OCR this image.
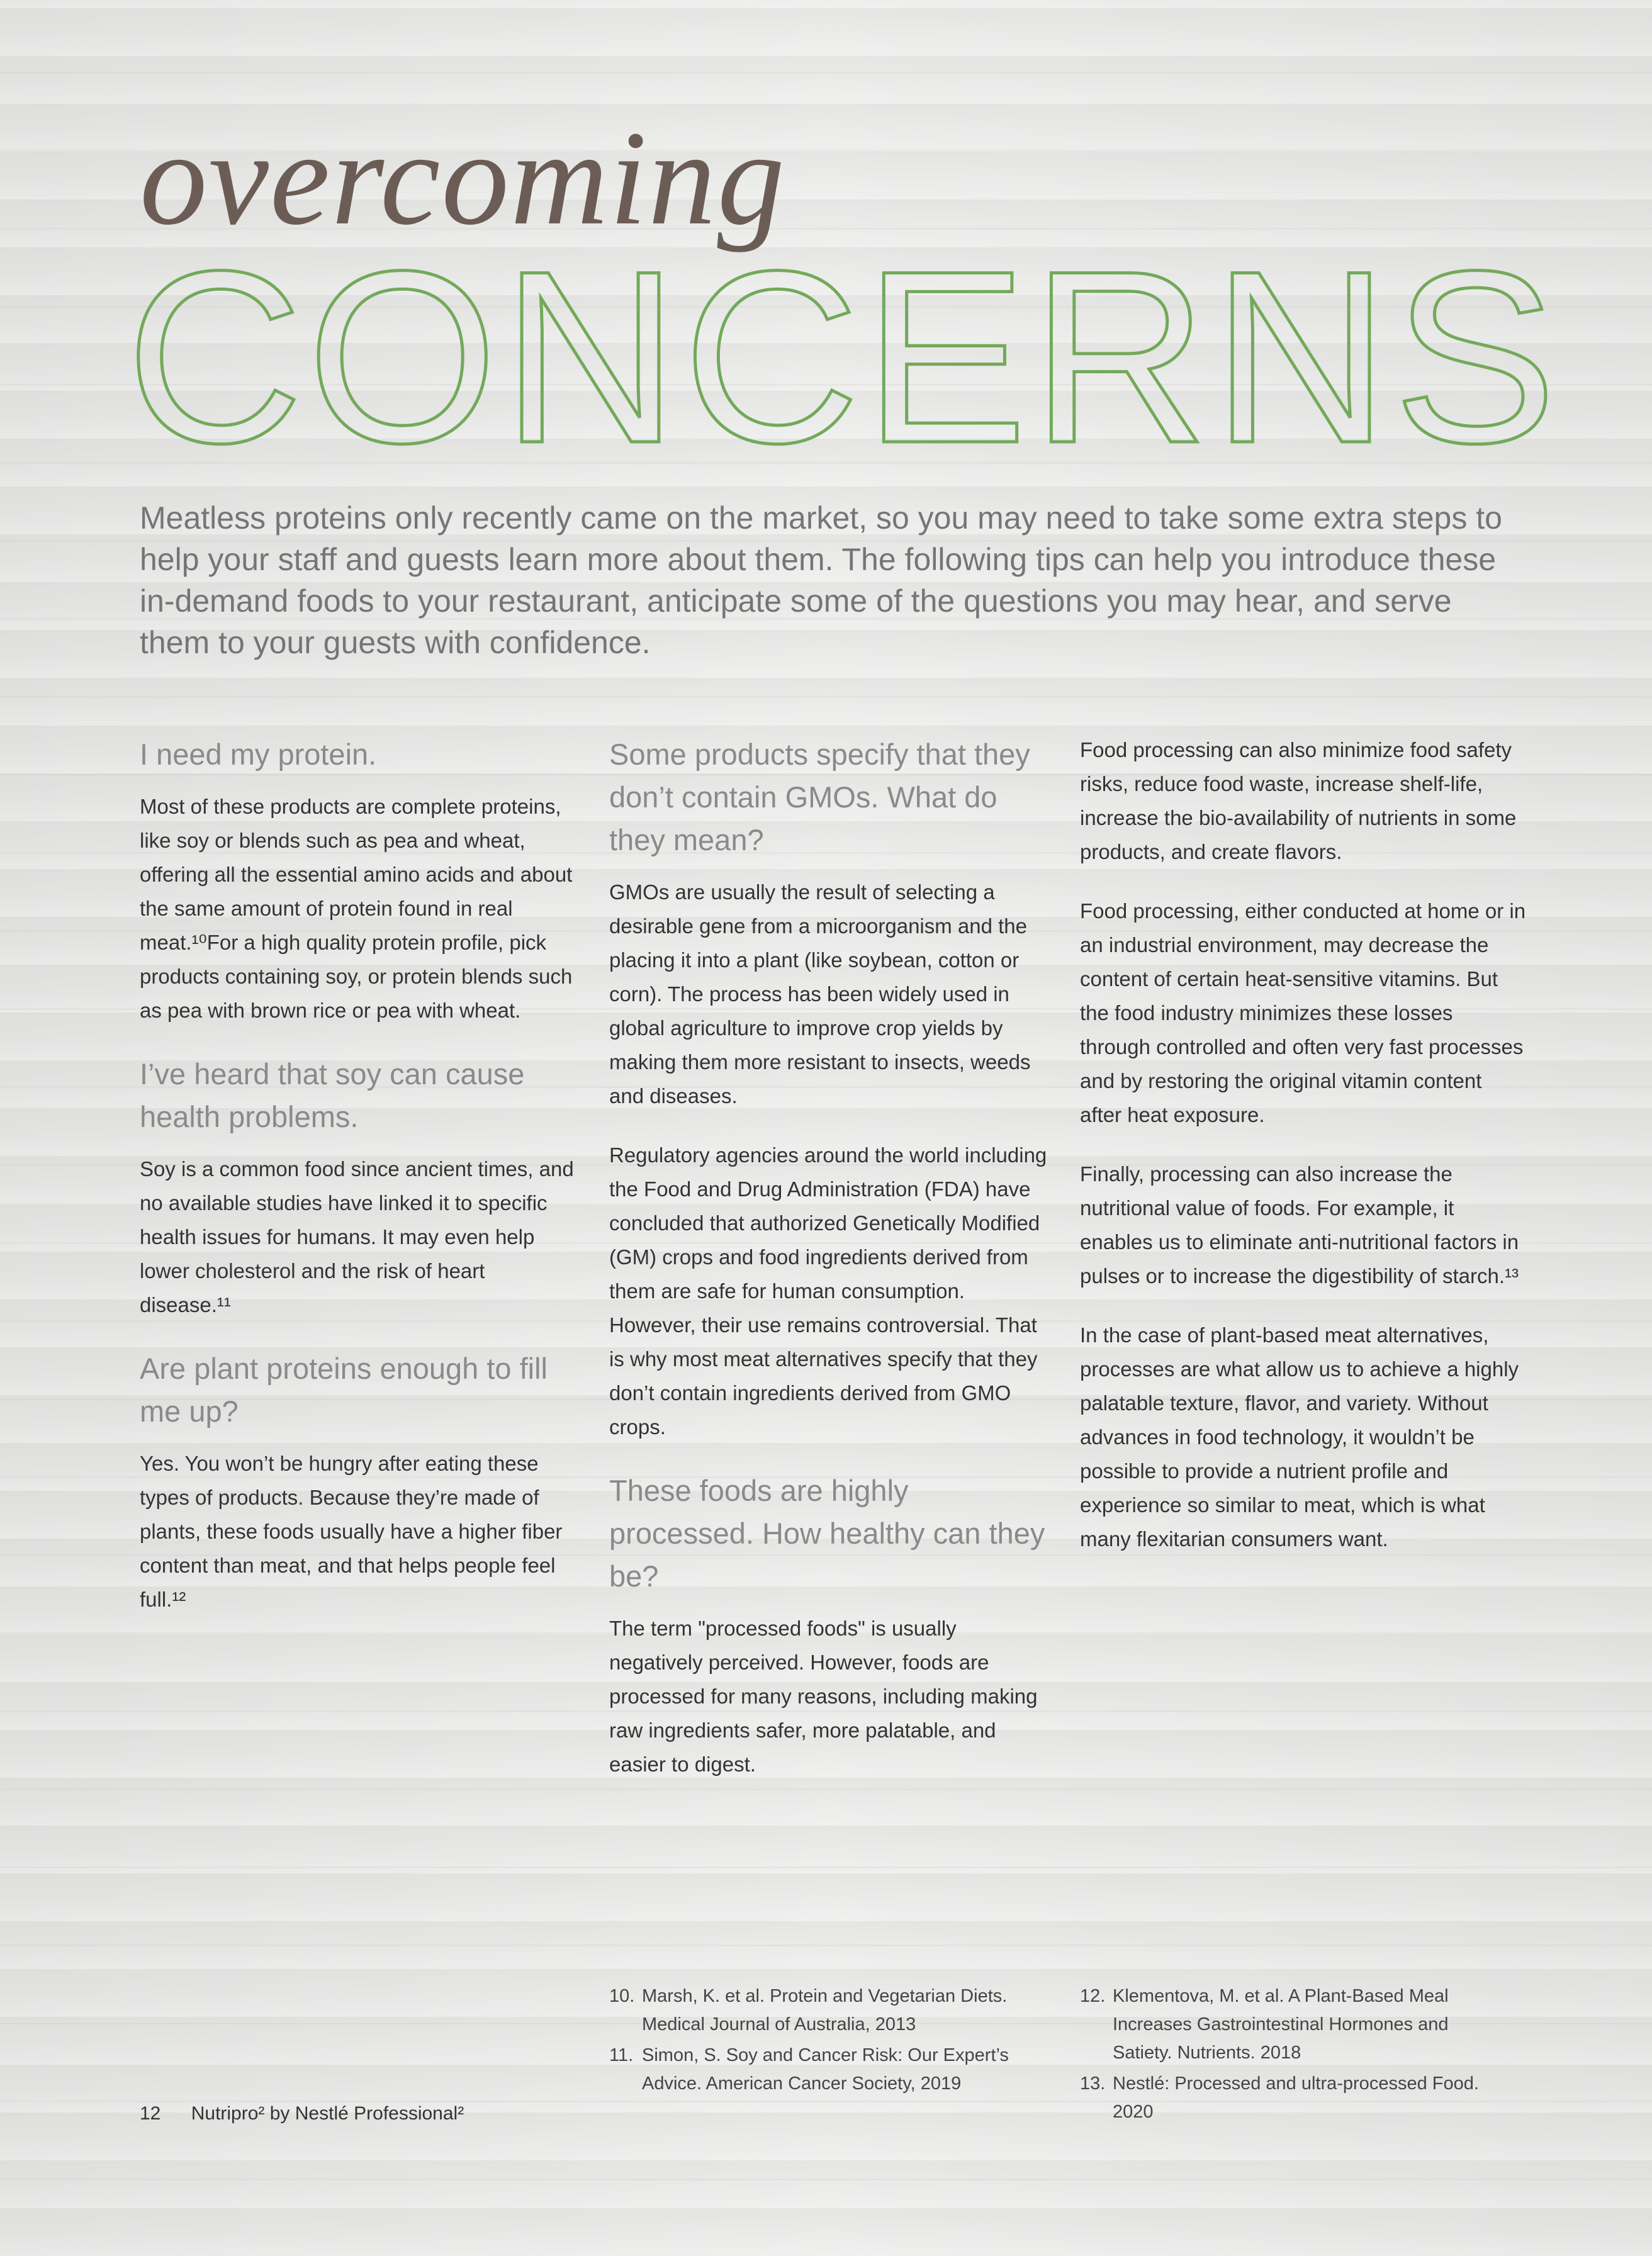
overcoming
CONCERNS
Meatless proteins only recently came on the market, so you may need to take some extra steps to help your staff and guests learn more about them. The following tips can help you introduce these in-demand foods to your restaurant, anticipate some of the questions you may hear, and serve them to your guests with confidence.
I need my protein.
Most of these products are complete proteins, like soy or blends such as pea and wheat, offering all the essential amino acids and about the same amount of protein found in real meat.¹⁰For a high quality protein profile, pick products containing soy, or protein blends such as pea with brown rice or pea with wheat.
I’ve heard that soy can cause health problems.
Soy is a common food since ancient times, and no available studies have linked it to specific health issues for humans. It may even help lower cholesterol and the risk of heart disease.¹¹
Are plant proteins enough to fill me up?
Yes. You won’t be hungry after eating these types of products. Because they’re made of plants, these foods usually have a higher fiber content than meat, and that helps people feel full.¹²
Some products specify that they don’t contain GMOs. What do they mean?
GMOs are usually the result of selecting a desirable gene from a microorganism and the placing it into a plant (like soybean, cotton or corn). The process has been widely used in global agriculture to improve crop yields by making them more resistant to insects, weeds and diseases.
Regulatory agencies around the world including the Food and Drug Administration (FDA) have concluded that authorized Genetically Modified (GM) crops and food ingredients derived from them are safe for human consumption. However, their use remains controversial. That is why most meat alternatives specify that they don’t contain ingredients derived from GMO crops.
These foods are highly processed. How healthy can they be?
The term "processed foods" is usually negatively perceived. However, foods are processed for many reasons, including making raw ingredients safer, more palatable, and easier to digest.
Food processing can also minimize food safety risks, reduce food waste, increase shelf-life, increase the bio-availability of nutrients in some products, and create flavors.
Food processing, either conducted at home or in an industrial environment, may decrease the content of certain heat-sensitive vitamins. But the food industry minimizes these losses through controlled and often very fast processes and by restoring the original vitamin content after heat exposure.
Finally, processing can also increase the nutritional value of foods. For example, it enables us to eliminate anti-nutritional factors in pulses or to increase the digestibility of starch.¹³
In the case of plant-based meat alternatives, processes are what allow us to achieve a highly palatable texture, flavor, and variety. Without advances in food technology, it wouldn’t be possible to provide a nutrient profile and experience so similar to meat, which is what many flexitarian consumers want.
10. Marsh, K. et al. Protein and Vegetarian Diets. Medical Journal of Australia, 2013
11. Simon, S. Soy and Cancer Risk: Our Expert’s Advice. American Cancer Society, 2019
12. Klementova, M. et al. A Plant-Based Meal Increases Gastrointestinal Hormones and Satiety. Nutrients. 2018
13. Nestlé: Processed and ultra-processed Food. 2020
12 Nutripro² by Nestlé Professional²
